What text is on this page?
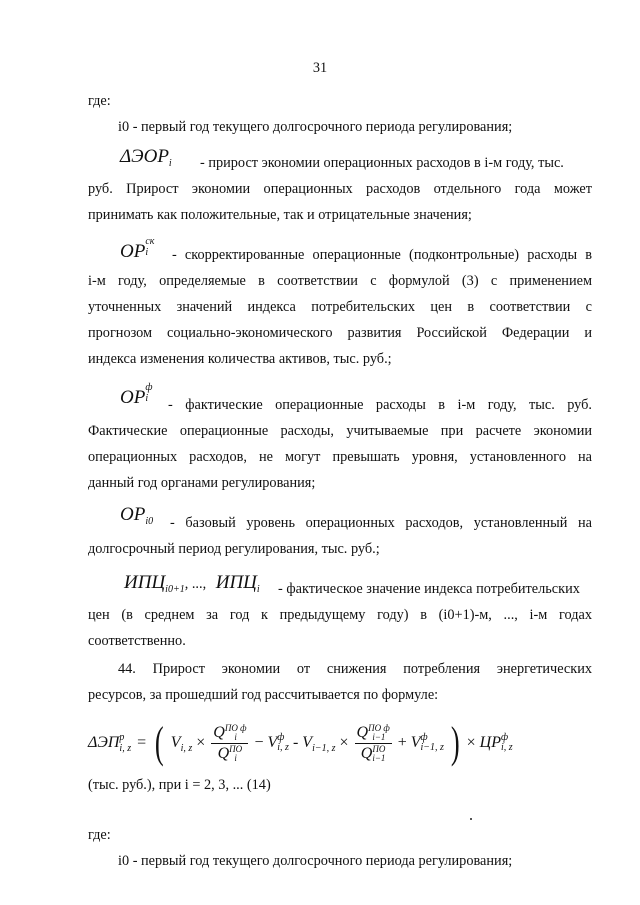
31
где:
i0 - первый год текущего долгосрочного периода регулирования;
$\Delta ЭОР_i$ - прирост экономии операционных расходов в i-м году, тыс.
руб. Прирост экономии операционных расходов отдельного года может
принимать как положительные, так и отрицательные значения;
ОР ск
i	- скорректированные операционные (подконтрольные) расходы в
i-м году, определяемые в соответствии с формулой (3) с применением
уточненных значений индекса потребительских цен в соответствии с
прогнозом социально-экономического развития Российской Федерации и
индекса изменения количества активов, тыс. руб.;
ОР ф
i	- фактические операционные расходы в i-м году, тыс. руб.
Фактические операционные расходы, учитываемые при расчете экономии
операционных расходов, не могут превышать уровня, установленного на
данный год органами регулирования;
$ОР_{i0}$ - базовый уровень операционных расходов, установленный на
долгосрочный период регулирования, тыс. руб.;
$ИПЦ_{i0+1}$, ..., $ИПЦ_i$ - фактическое значение индекса потребительских
цен (в среднем за год к предыдущему году) в (i0+1)-м, ..., i-м годах
соответственно.
44. Прирост экономии от снижения потребления энергетических
ресурсов, за прошедший год рассчитывается по формуле:
ΔЭП р
i, z = ( $V_{i, z} \times Q$ ПО ф
i
Q ПО
i − V ф
i, $z - V_{i-1, z} \times Q$ ПО ф
i−1
Q ПО
i−1 + V ф
i−1, z ) × ЦР ф
i, z
(тыс. руб.), при i = 2, 3, ... (14)
где:
i0 - первый год текущего долгосрочного периода регулирования;
